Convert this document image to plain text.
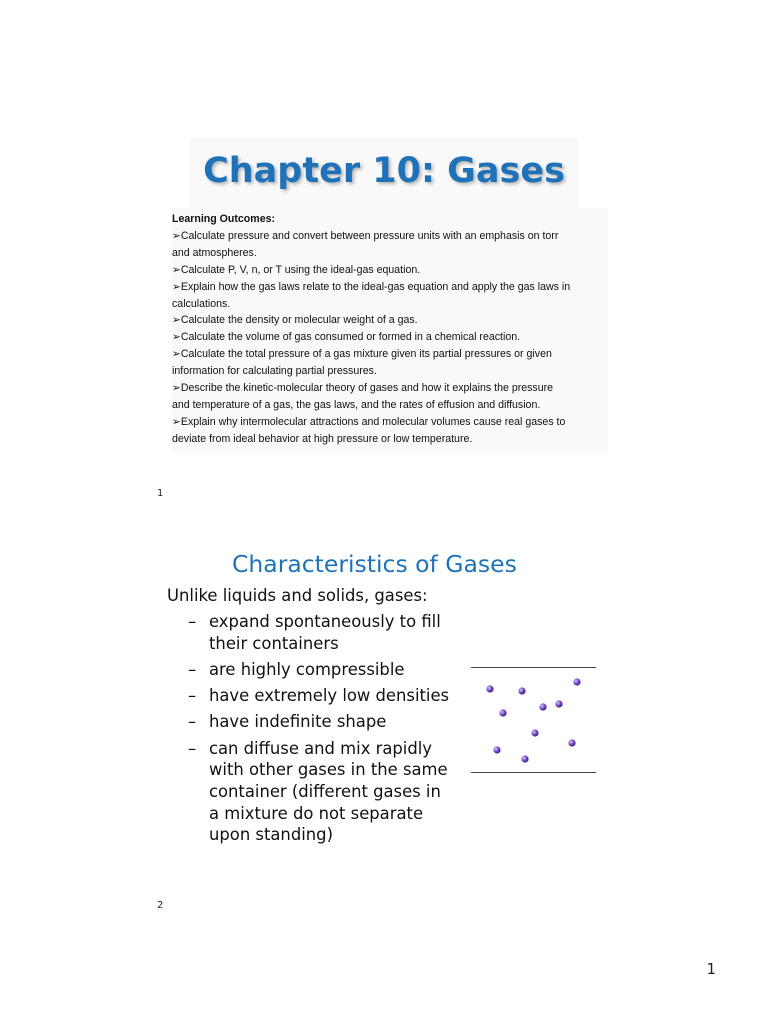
Chapter 10: Gases
Learning Outcomes:
➢ Calculate pressure and convert between pressure units with an emphasis on torr
and atmospheres.
➢ Calculate P, V, n, or T using the ideal-gas equation.
➢ Explain how the gas laws relate to the ideal-gas equation and apply the gas laws in
calculations.
➢ Calculate the density or molecular weight of a gas.
➢ Calculate the volume of gas consumed or formed in a chemical reaction.
➢ Calculate the total pressure of a gas mixture given its partial pressures or given
information for calculating partial pressures.
➢ Describe the kinetic-molecular theory of gases and how it explains the pressure
and temperature of a gas, the gas laws, and the rates of effusion and diffusion.
➢ Explain why intermolecular attractions and molecular volumes cause real gases to
deviate from ideal behavior at high pressure or low temperature.
1
Characteristics of Gases
Unlike liquids and solids, gases:
– expand spontaneously to fill
their containers
– are highly compressible
– have extremely low densities
– have indefinite shape
– can diffuse and mix rapidly
with other gases in the same
container (different gases in
a mixture do not separate
upon standing)
2
1
